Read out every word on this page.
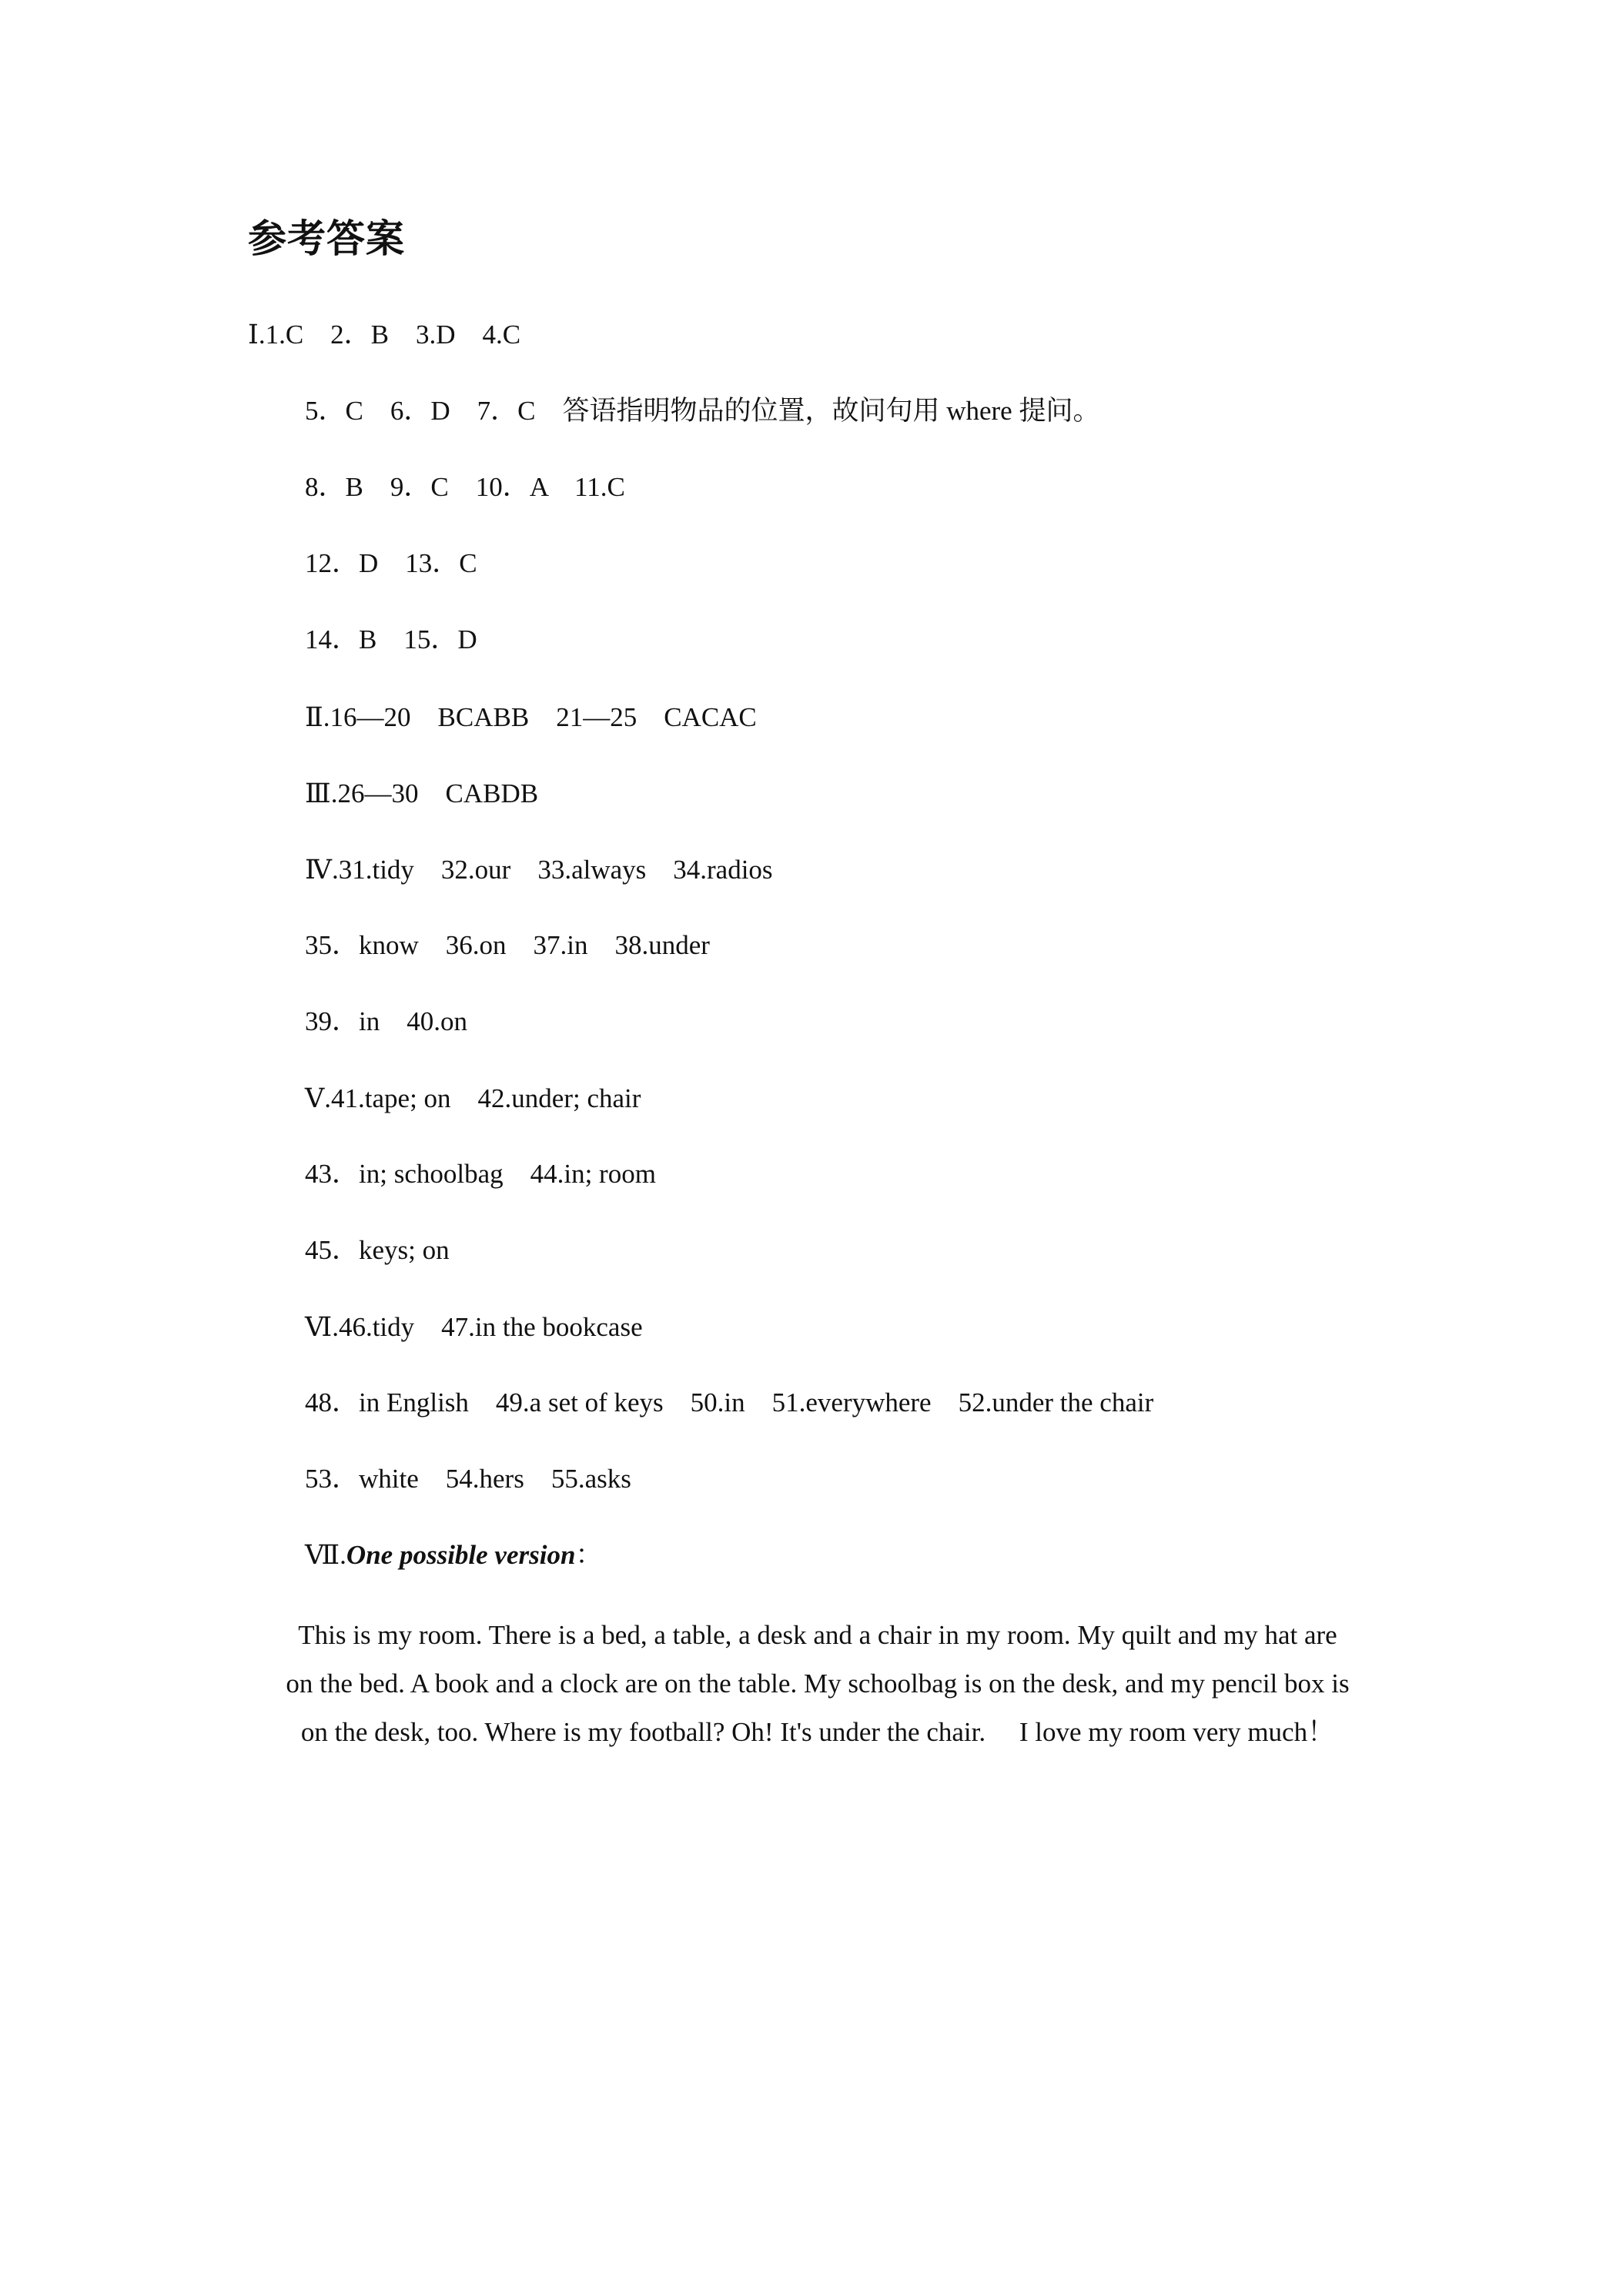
参考答案
Ⅰ.1.C　2．B　3.D　4.C
5．C　6．D　7．C　答语指明物品的位置，故问句用 where 提问。
8．B　9．C　10．A　11.C
12．D　13．C
14．B　15．D
Ⅱ.16—20　BCABB　21—25　CACAC
Ⅲ.26—30　CABDB
Ⅳ.31.tidy　32.our　33.always　34.radios
35．know　36.on　37.in　38.under
39．in　40.on
Ⅴ.41.tape; on　42.under; chair
43．in; schoolbag　44.in; room
45．keys; on
Ⅵ.46.tidy　47.in the bookcase
48．in English　49.a set of keys　50.in　51.everywhere　52.under the chair
53．white　54.hers　55.asks
Ⅶ.One possible version：

This is my room. There is a bed, a table, a desk and a chair in my room. My quilt and my hat are

on the bed. A book and a clock are on the table. My schoolbag is on the desk, and my pencil box is

on the desk, too. Where is my football? Oh! It's under the chair.　 I love my room very much！
